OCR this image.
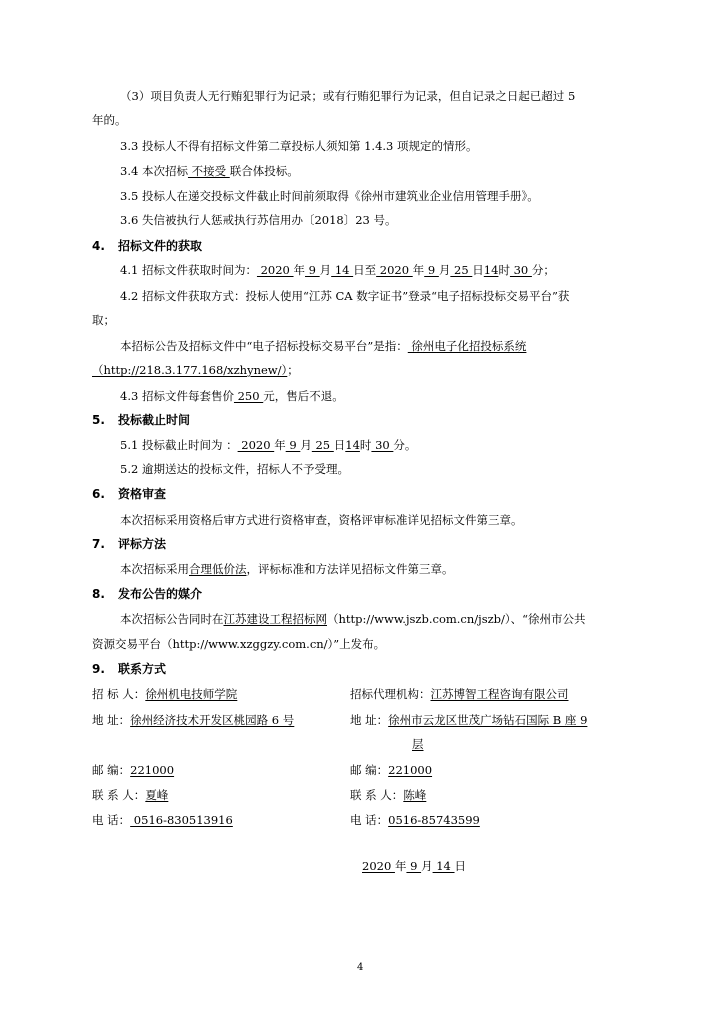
（3）项目负责人无行贿犯罪行为记录；或有行贿犯罪行为记录，但自记录之日起已超过 5
年的。
3.3 投标人不得有招标文件第二章投标人须知第 1.4.3 项规定的情形。
3.4 本次招标 不接受 联合体投标。
3.5 投标人在递交投标文件截止时间前须取得《徐州市建筑业企业信用管理手册》。
3.6 失信被执行人惩戒执行苏信用办〔2018〕23 号。
4. 招标文件的获取
4.1 招标文件获取时间为： 2020 年 9 月 14 日至 2020 年 9 月 25 日14时 30 分；
4.2 招标文件获取方式：投标人使用“江苏 CA 数字证书”登录“电子招标投标交易平台”获
取；
本招标公告及招标文件中“电子招标投标交易平台”是指： 徐州电子化招投标系统
（http://218.3.177.168/xzhynew/）；
4.3 招标文件每套售价 250 元，售后不退。
5. 投标截止时间
5.1 投标截止时间为 ： 2020 年 9 月 25 日14时 30 分。
5.2 逾期送达的投标文件，招标人不予受理。
6. 资格审查
本次招标采用资格后审方式进行资格审查，资格评审标准详见招标文件第三章。
7. 评标方法
本次招标采用合理低价法，评标标准和方法详见招标文件第三章。
8. 发布公告的媒介
本次招标公告同时在江苏建设工程招标网（http://www.jszb.com.cn/jszb/）、“徐州市公共
资源交易平台（http://www.xzggzy.com.cn/）”上发布。
9. 联系方式
招 标 人：徐州机电技师学院	招标代理机构：江苏博智工程咨询有限公司
地 址：徐州经济技术开发区桃园路 6 号	地 址：徐州市云龙区世茂广场钻石国际 B 座 9
层
邮 编：221000	邮 编：221000
联 系 人：夏峰	联 系 人：陈峰
电 话： 0516-830513916	电 话：0516-85743599
2020 年 9 月 14 日
4
